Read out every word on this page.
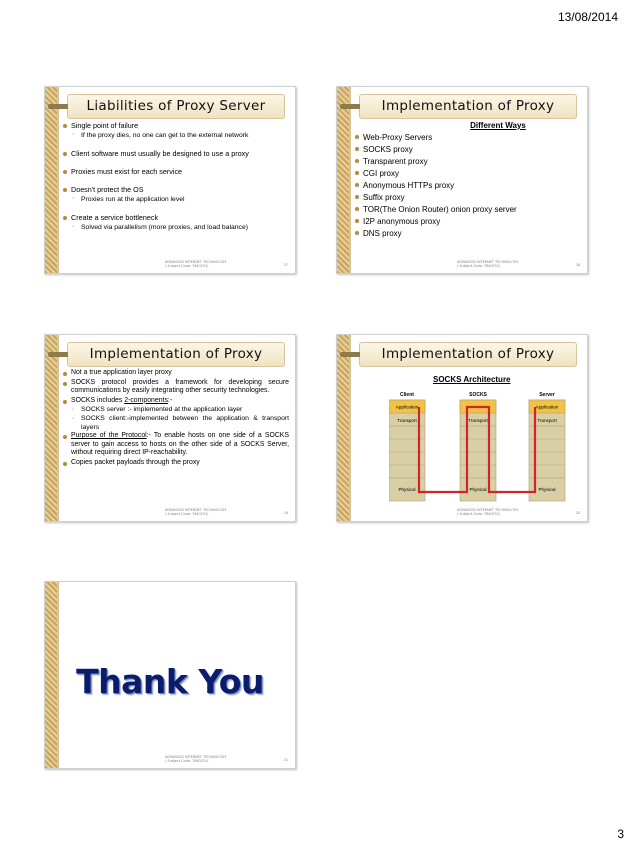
13/08/2014
Liabilities of Proxy Server
Single point of failure
◦ If the proxy dies, no one can get to the external network
Client software must usually be designed to use a proxy
Proxies must exist for each service
Doesn't protect the OS
◦ Proxies run at the application level
Create a service bottleneck
◦ Solved via parallelism (more proxies, and load balance)
ADVANCED INTERNET TECHNOLOGY
( Subject Code: 7840251)	17
Implementation of Proxy
Different Ways
Web-Proxy Servers
SOCKS proxy
Transparent proxy
CGI proxy
Anonymous HTTPs proxy
Suffix proxy
TOR(The Onion Router) onion proxy server
I2P anonymous proxy
DNS proxy
ADVANCED INTERNET TECHNOLOGY
( Subject Code: 7840251)	18
Implementation of Proxy
Not a true application layer proxy
SOCKS protocol provides a framework for developing secure communications by easily integrating other security technologies.
SOCKS includes 2-components:-
◦ SOCKS server :- implemented at the application layer
◦ SOCKS client:-implemented between the application & transport layers
Purpose of the Protocol:- To enable hosts on one side of a SOCKS server to gain access to hosts on the other side of a SOCKS Server, without requiring direct IP-reachability.
Copies packet payloads through the proxy
ADVANCED INTERNET TECHNOLOGY
( Subject Code: 7840251)	19
Implementation of Proxy
SOCKS Architecture
Client	SOCKS	Server
Application
Transport
Physical
Transport
Physical
Application
Transport
Physical
ADVANCED INTERNET TECHNOLOGY
( Subject Code: 7840251)	20
Thank You
ADVANCED INTERNET TECHNOLOGY
( Subject Code: 7840251)	21
3
